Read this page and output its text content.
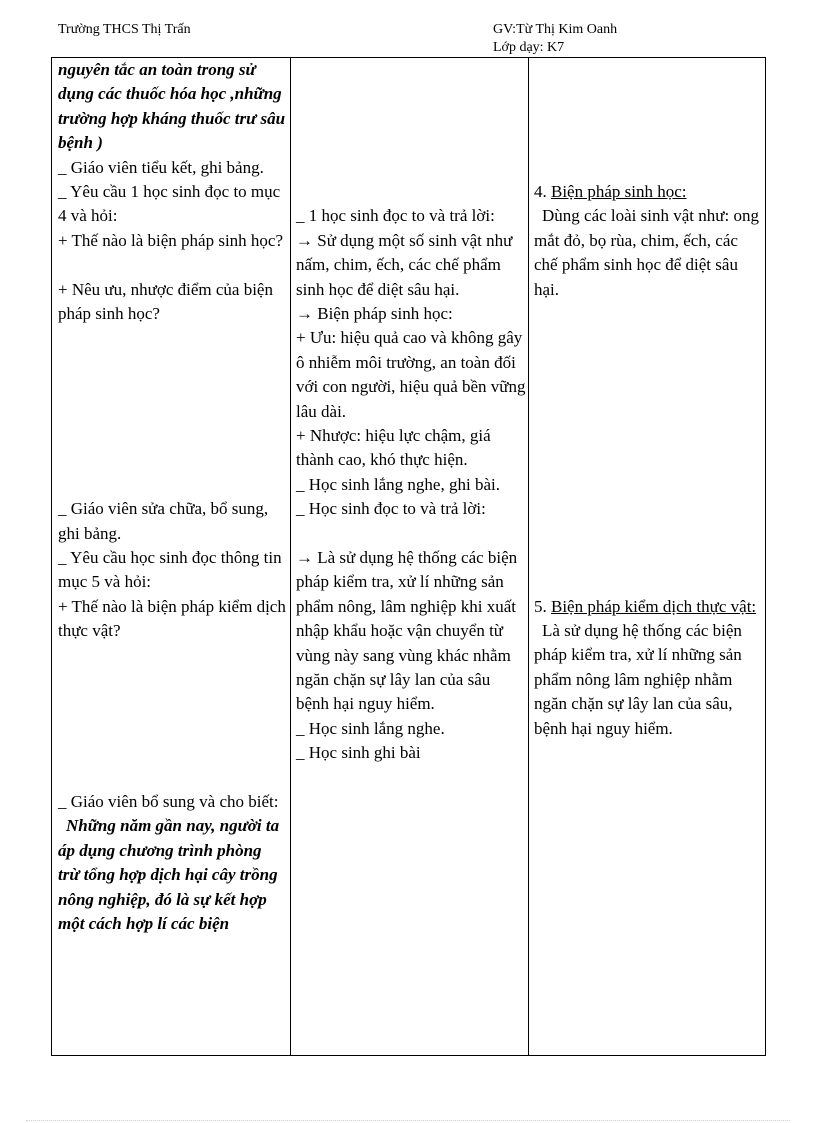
Trường THCS Thị Trấn	GV:Từ Thị Kim Oanh
Lớp dạy: K7

nguyên tắc an toàn trong sử dụng các thuốc hóa học ,những trường hợp kháng thuốc trư sâu bệnh )

_ Giáo viên tiểu kết, ghi bảng.

_ Yêu cầu 1 học sinh đọc to mục 4 và hỏi:

+ Thế nào là biện pháp sinh học?

+ Nêu ưu, nhược điểm của biện pháp sinh học?

_ Giáo viên sửa chữa, bổ sung, ghi bảng.

_ Yêu cầu học sinh đọc thông tin mục 5 và hỏi:

+ Thế nào là biện pháp kiểm dịch thực vật?

_ Giáo viên bổ sung và cho biết:

Những năm gần nay, người ta áp dụng chương trình phòng trừ tổng hợp dịch hại cây trồng nông nghiệp, đó là sự kết hợp một cách hợp lí các biện

_ 1 học sinh đọc to và trả lời:

→ Sử dụng một số sinh vật như nấm, chim, ếch, các chế phẩm sinh học để diệt sâu hại.

→ Biện pháp sinh học:

+ Ưu: hiệu quả cao và không gây ô nhiễm môi trường, an toàn đối với con người, hiệu quả bền vững lâu dài.

+ Nhược: hiệu lực chậm, giá thành cao, khó thực hiện.

_ Học sinh lắng nghe, ghi bài.

_ Học sinh đọc to và trả lời:

→ Là sử dụng hệ thống các biện pháp kiểm tra, xử lí những sản phẩm nông, lâm nghiệp khi xuất nhập khẩu hoặc vận chuyển từ vùng này sang vùng khác nhằm ngăn chặn sự lây lan của sâu bệnh hại nguy hiểm.

_ Học sinh lắng nghe.

_ Học sinh ghi bài

4. Biện pháp sinh học:

Dùng các loài sinh vật như: ong mắt đỏ, bọ rùa, chim, ếch, các chế phẩm sinh học để diệt sâu hại.

5. Biện pháp kiểm dịch thực vật:

Là sử dụng hệ thống các biện pháp kiểm tra, xử lí những sản phẩm nông lâm nghiệp nhằm ngăn chặn sự lây lan của sâu, bệnh hại nguy hiểm.
